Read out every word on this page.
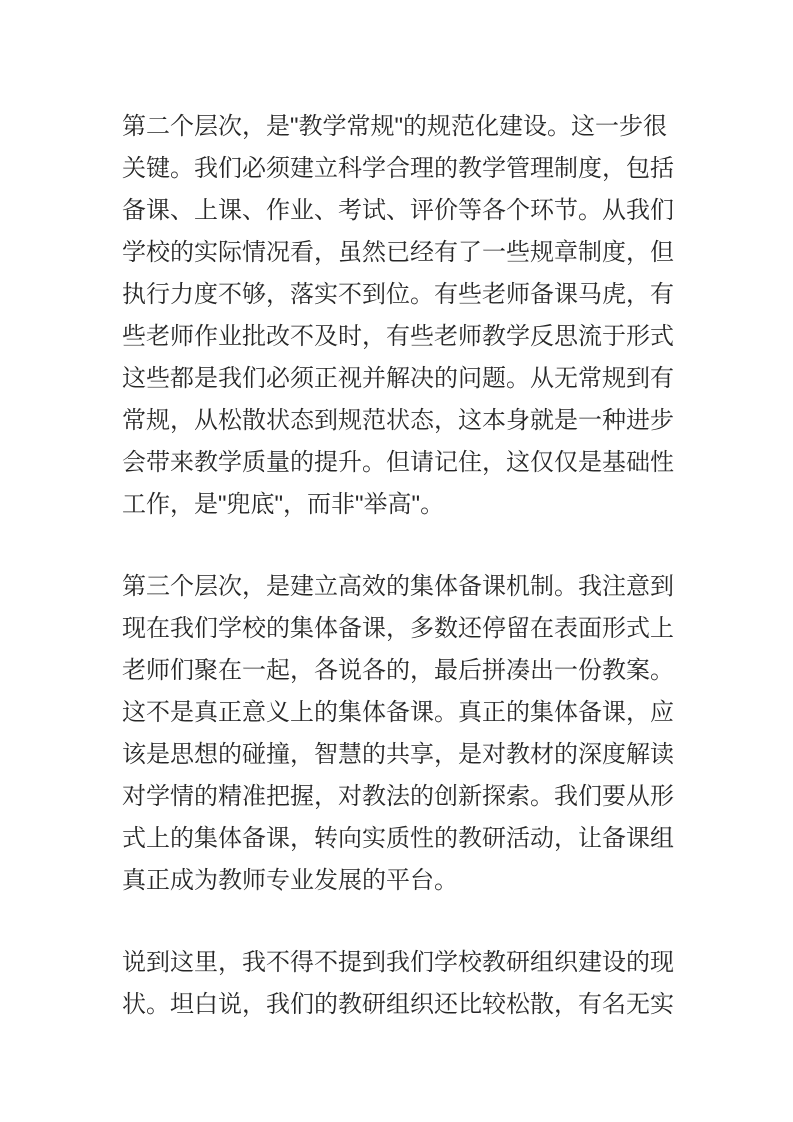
第二个层次，是"教学常规"的规范化建设。这一步很
关键。我们必须建立科学合理的教学管理制度，包括
备课、上课、作业、考试、评价等各个环节。从我们
学校的实际情况看，虽然已经有了一些规章制度，但
执行力度不够，落实不到位。有些老师备课马虎，有
些老师作业批改不及时，有些老师教学反思流于形式
这些都是我们必须正视并解决的问题。从无常规到有
常规，从松散状态到规范状态，这本身就是一种进步
会带来教学质量的提升。但请记住，这仅仅是基础性
工作，是"兜底"，而非"举高"。

第三个层次，是建立高效的集体备课机制。我注意到
现在我们学校的集体备课，多数还停留在表面形式上
老师们聚在一起，各说各的，最后拼凑出一份教案。
这不是真正意义上的集体备课。真正的集体备课，应
该是思想的碰撞，智慧的共享，是对教材的深度解读
对学情的精准把握，对教法的创新探索。我们要从形
式上的集体备课，转向实质性的教研活动，让备课组
真正成为教师专业发展的平台。

说到这里，我不得不提到我们学校教研组织建设的现
状。坦白说，我们的教研组织还比较松散，有名无实
